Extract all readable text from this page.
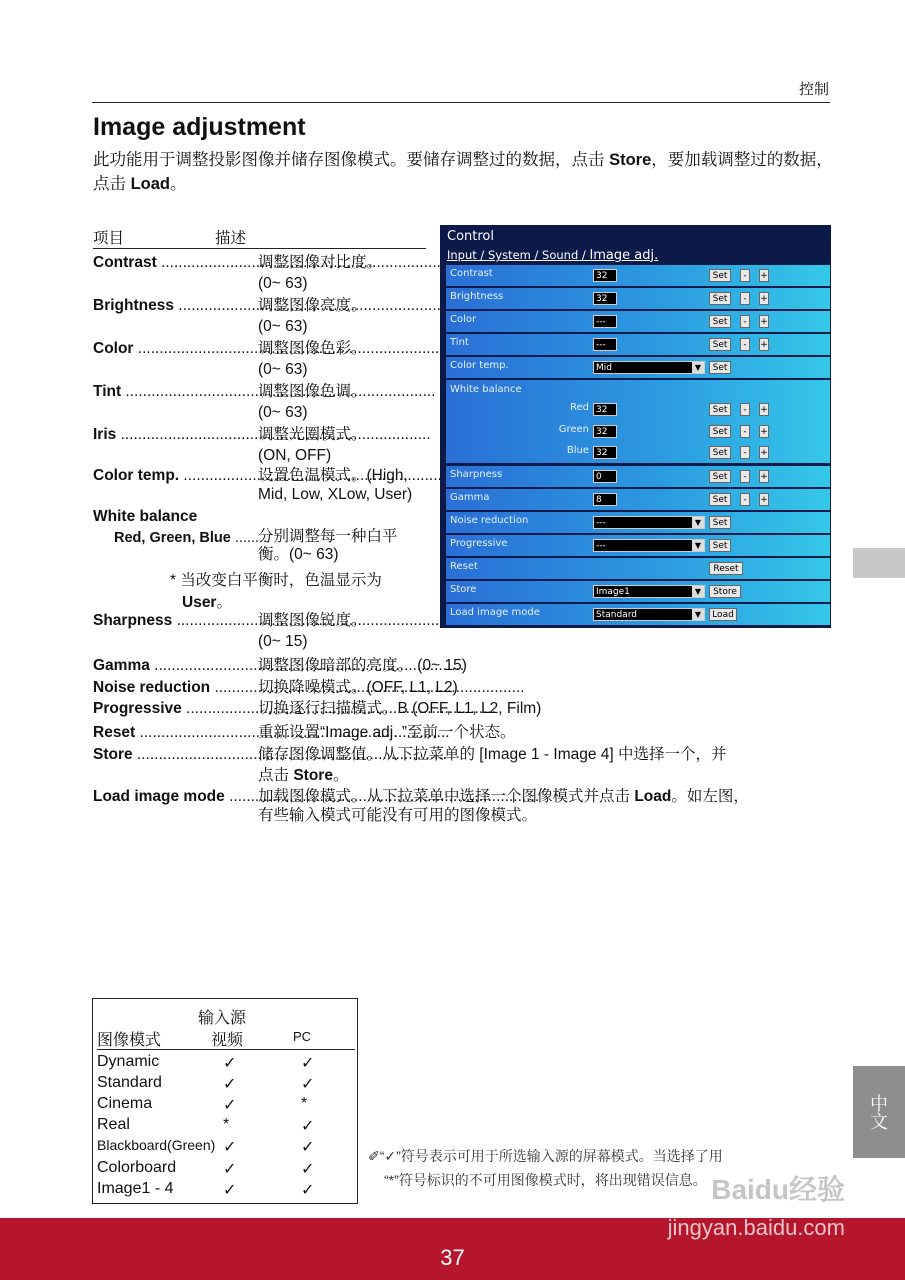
控制
Image adjustment
此功能用于调整投影图像并储存图像模式。要储存调整过的数据，点击 Store，要加载调整过的数据，点击 Load。
项目	描述
Contrast .....	调整图像对比度。
(0~ 63)
Brightness .....	调整图像亮度。
(0~ 63)
Color .....	调整图像色彩。
(0~ 63)
Tint .....	调整图像色调。
(0~ 63)
Iris .....	调整光圈模式。
(ON, OFF)
Color temp. .....	设置色温模式。(High,
Mid, Low, XLow, User)
White balance
Red, Green, Blue ........
分别调整每一种白平
衡。(0~ 63)
* 当改变白平衡时，色温显示为
User。
Sharpness .....	调整图像锐度。
(0~ 15)
Gamma .....	调整图像暗部的亮度。 (0~ 15)
Noise reduction .....	切换降噪模式。(OFF, L1, L2)
Progressive .....	切换逐行扫描模式。B (OFF, L1, L2, Film)
Reset .....	重新设置“Image adj. ”至前一个状态。
Store .....	储存图像调整值。从下拉菜单的 [Image 1 - Image 4] 中选择一个，并
点击 Store。
Load image mode .....	加载图像模式。从下拉菜单中选择一个图像模式并点击 Load。如左图，
有些输入模式可能没有可用的图像模式。
Control
Input / System / Sound / Image adj.
Contrast	32	Set	-	+
Brightness	32	Set	-	+
Color	---	Set	-	+
Tint	---	Set	-	+
Color temp.	Mid	▼	Set
White balance
Red 32	Set	-	+
Green 32	Set	-	+
Blue 32	Set	-	+
Sharpness	0	Set	-	+
Gamma	8	Set	-	+
Noise reduction	---	▼	Set
Progressive	---	▼	Set
Reset	Reset
Store	Image1	▼	Store
Load image mode	Standard	▼	Load
输入源
图像模式	视频	PC
Dynamic	✓	✓
Standard	✓	✓
Cinema	✓	*
Real	*	✓
Blackboard(Green) ✓	✓
Colorboard	✓	✓
Image1 - 4	✓	✓
✐“✓”符号表示可用于所选输入源的屏幕模式。当选择了用
“*”符号标识的不可用图像模式时，将出现错误信息。
中文
37
Baidu经验
jingyan.baidu.com
